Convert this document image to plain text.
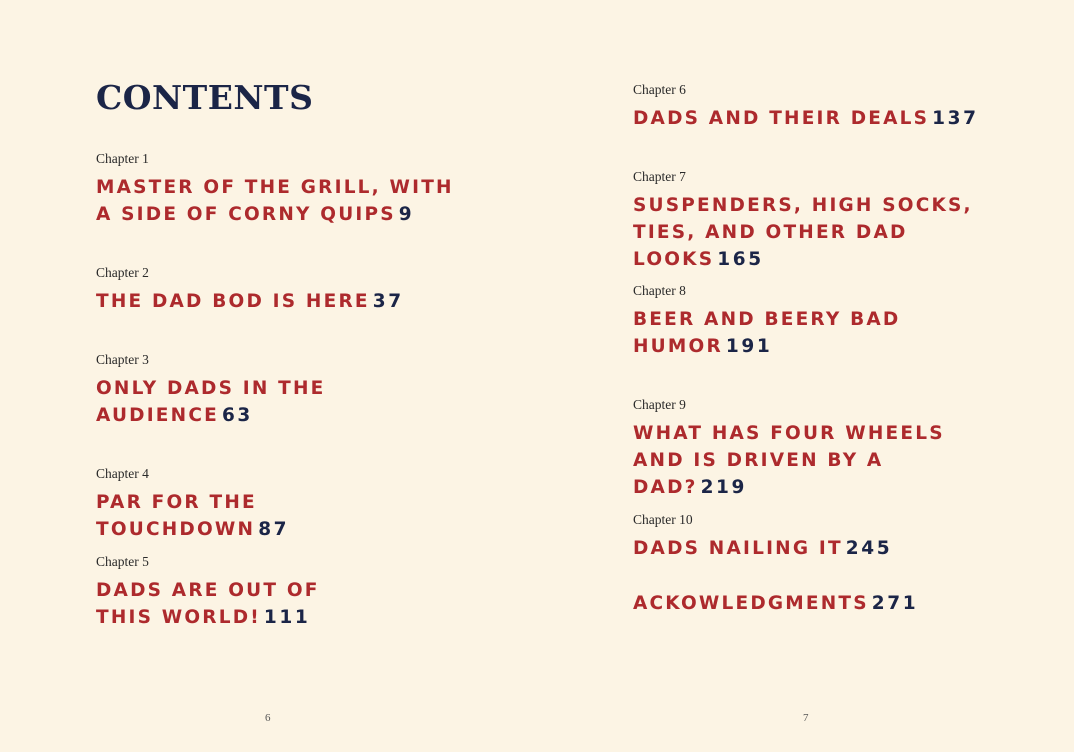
CONTENTS
Chapter 1
MASTER OF THE GRILL, WITH A SIDE OF CORNY QUIPS 9
Chapter 2
THE DAD BOD IS HERE 37
Chapter 3
ONLY DADS IN THE AUDIENCE 63
Chapter 4
PAR FOR THE TOUCHDOWN 87
Chapter 5
DADS ARE OUT OF THIS WORLD! 111
6
Chapter 6
DADS AND THEIR DEALS 137
Chapter 7
SUSPENDERS, HIGH SOCKS, TIES, AND OTHER DAD LOOKS 165
Chapter 8
BEER AND BEERY BAD HUMOR 191
Chapter 9
WHAT HAS FOUR WHEELS AND IS DRIVEN BY A DAD? 219
Chapter 10
DADS NAILING IT 245
ACKOWLEDGMENTS 271
7
